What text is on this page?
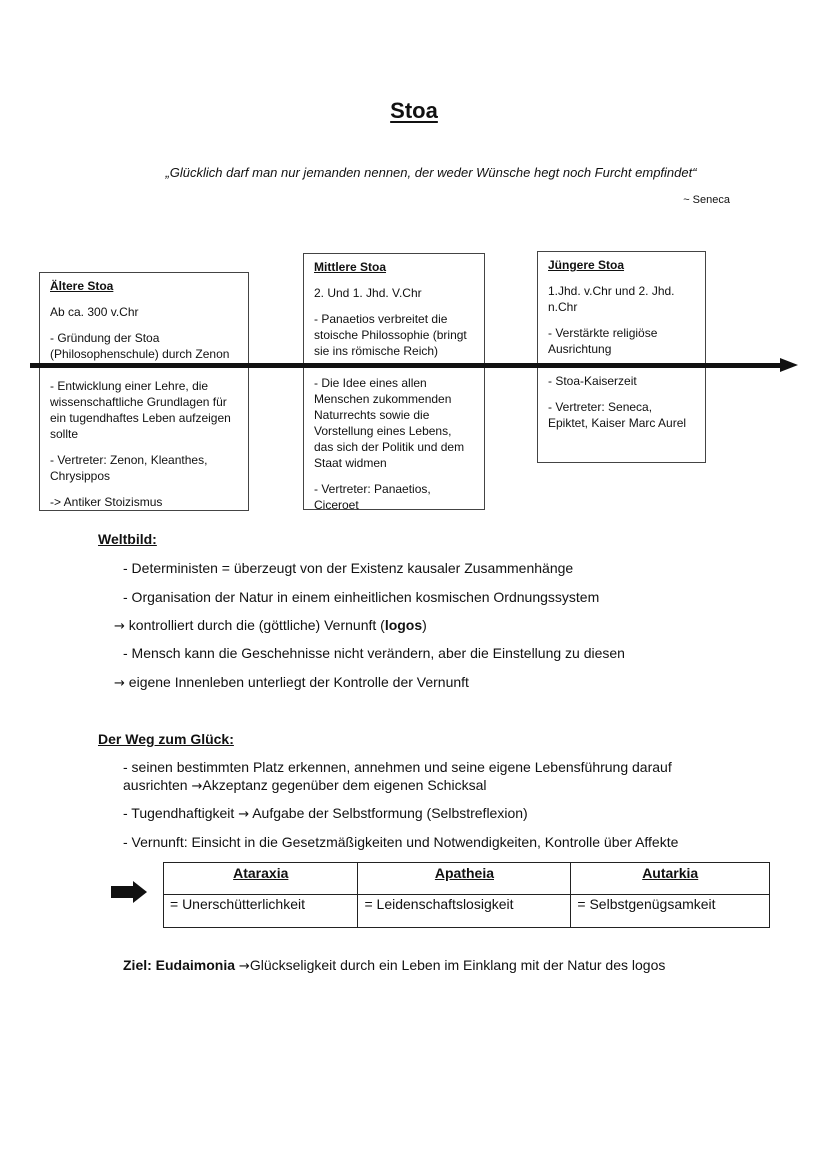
Stoa
„Glücklich darf man nur jemanden nennen, der weder Wünsche hegt noch Furcht empfindet“
~ Seneca
Ältere Stoa

Ab ca. 300 v.Chr

- Gründung der Stoa (Philosophenschule) durch Zenon

- Entwicklung einer Lehre, die wissenschaftliche Grundlagen für ein tugendhaftes Leben aufzeigen sollte

- Vertreter: Zenon, Kleanthes, Chrysippos

-> Antiker Stoizismus

Mittlere Stoa

2. Und 1. Jhd. V.Chr

- Panaetios verbreitet die stoische Philossophie (bringt sie ins römische Reich)

- Die Idee eines allen Menschen zukommenden Naturrechts sowie die Vorstellung eines Lebens, das sich der Politik und dem Staat widmen

- Vertreter: Panaetios, Ciceroet

Jüngere Stoa

1.Jhd. v.Chr und 2. Jhd. n.Chr

- Verstärkte religiöse Ausrichtung

- Stoa-Kaiserzeit

- Vertreter: Seneca, Epiktet, Kaiser Marc Aurel

Weltbild:
- Deterministen = überzeugt von der Existenz kausaler Zusammenhänge
- Organisation der Natur in einem einheitlichen kosmischen Ordnungssystem
→ kontrolliert durch die (göttliche) Vernunft (logos)
- Mensch kann die Geschehnisse nicht verändern, aber die Einstellung zu diesen
→ eigene Innenleben unterliegt der Kontrolle der Vernunft
Der Weg zum Glück:
- seinen bestimmten Platz erkennen, annehmen und seine eigene Lebensführung darauf
ausrichten →Akzeptanz gegenüber dem eigenen Schicksal
- Tugendhaftigkeit → Aufgabe der Selbstformung (Selbstreflexion)
- Vernunft: Einsicht in die Gesetzmäßigkeiten und Notwendigkeiten, Kontrolle über Affekte
Ataraxia	Apatheia	Autarkia
= Unerschütterlichkeit	= Leidenschaftslosigkeit	= Selbstgenügsamkeit
Ziel: Eudaimonia →Glückseligkeit durch ein Leben im Einklang mit der Natur des logos
